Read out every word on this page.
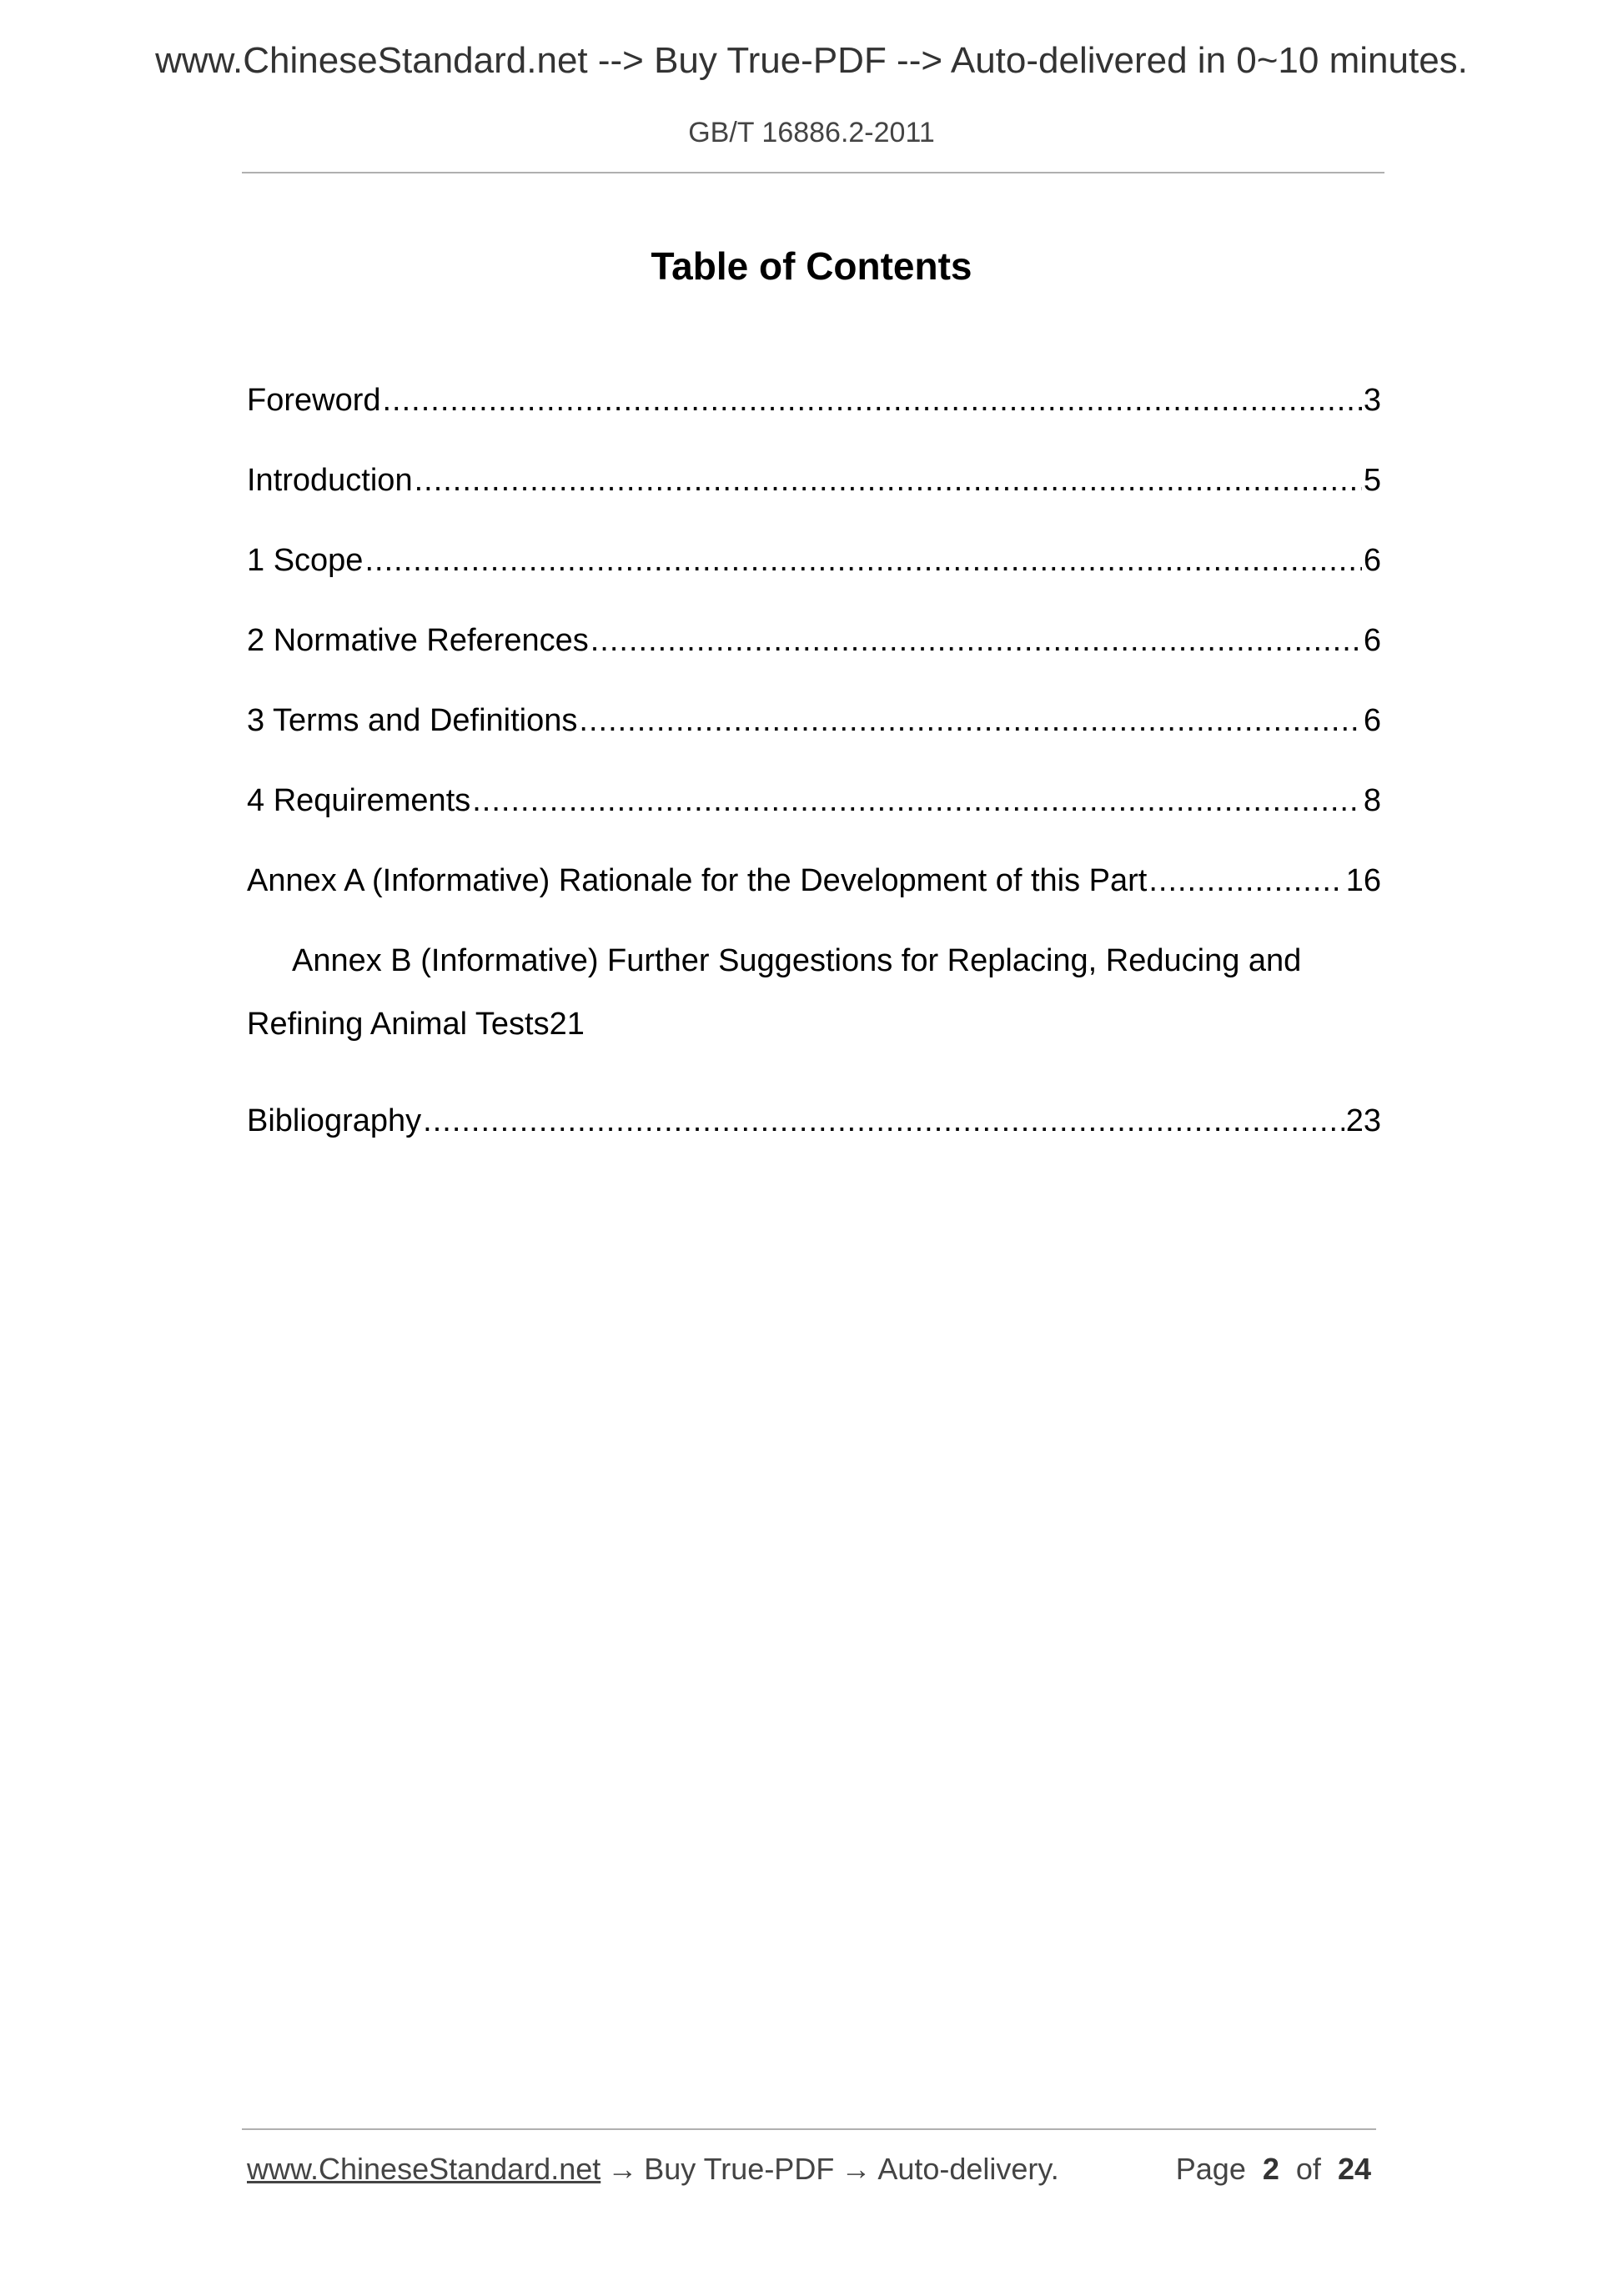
www.ChineseStandard.net --> Buy True-PDF --> Auto-delivered in 0~10 minutes.
GB/T 16886.2-2011
Table of Contents
Foreword .....	3
Introduction .....	5
1 Scope .....	6
2 Normative References .....	6
3 Terms and Definitions .....	6
4 Requirements .....	8
Annex A (Informative) Rationale for the Development of this Part .....	16
Annex B (Informative) Further Suggestions for Replacing, Reducing and
Refining Animal Tests 21
Bibliography .....	23
www.ChineseStandard.net → Buy True-PDF → Auto-delivery.	Page 2 of 24
